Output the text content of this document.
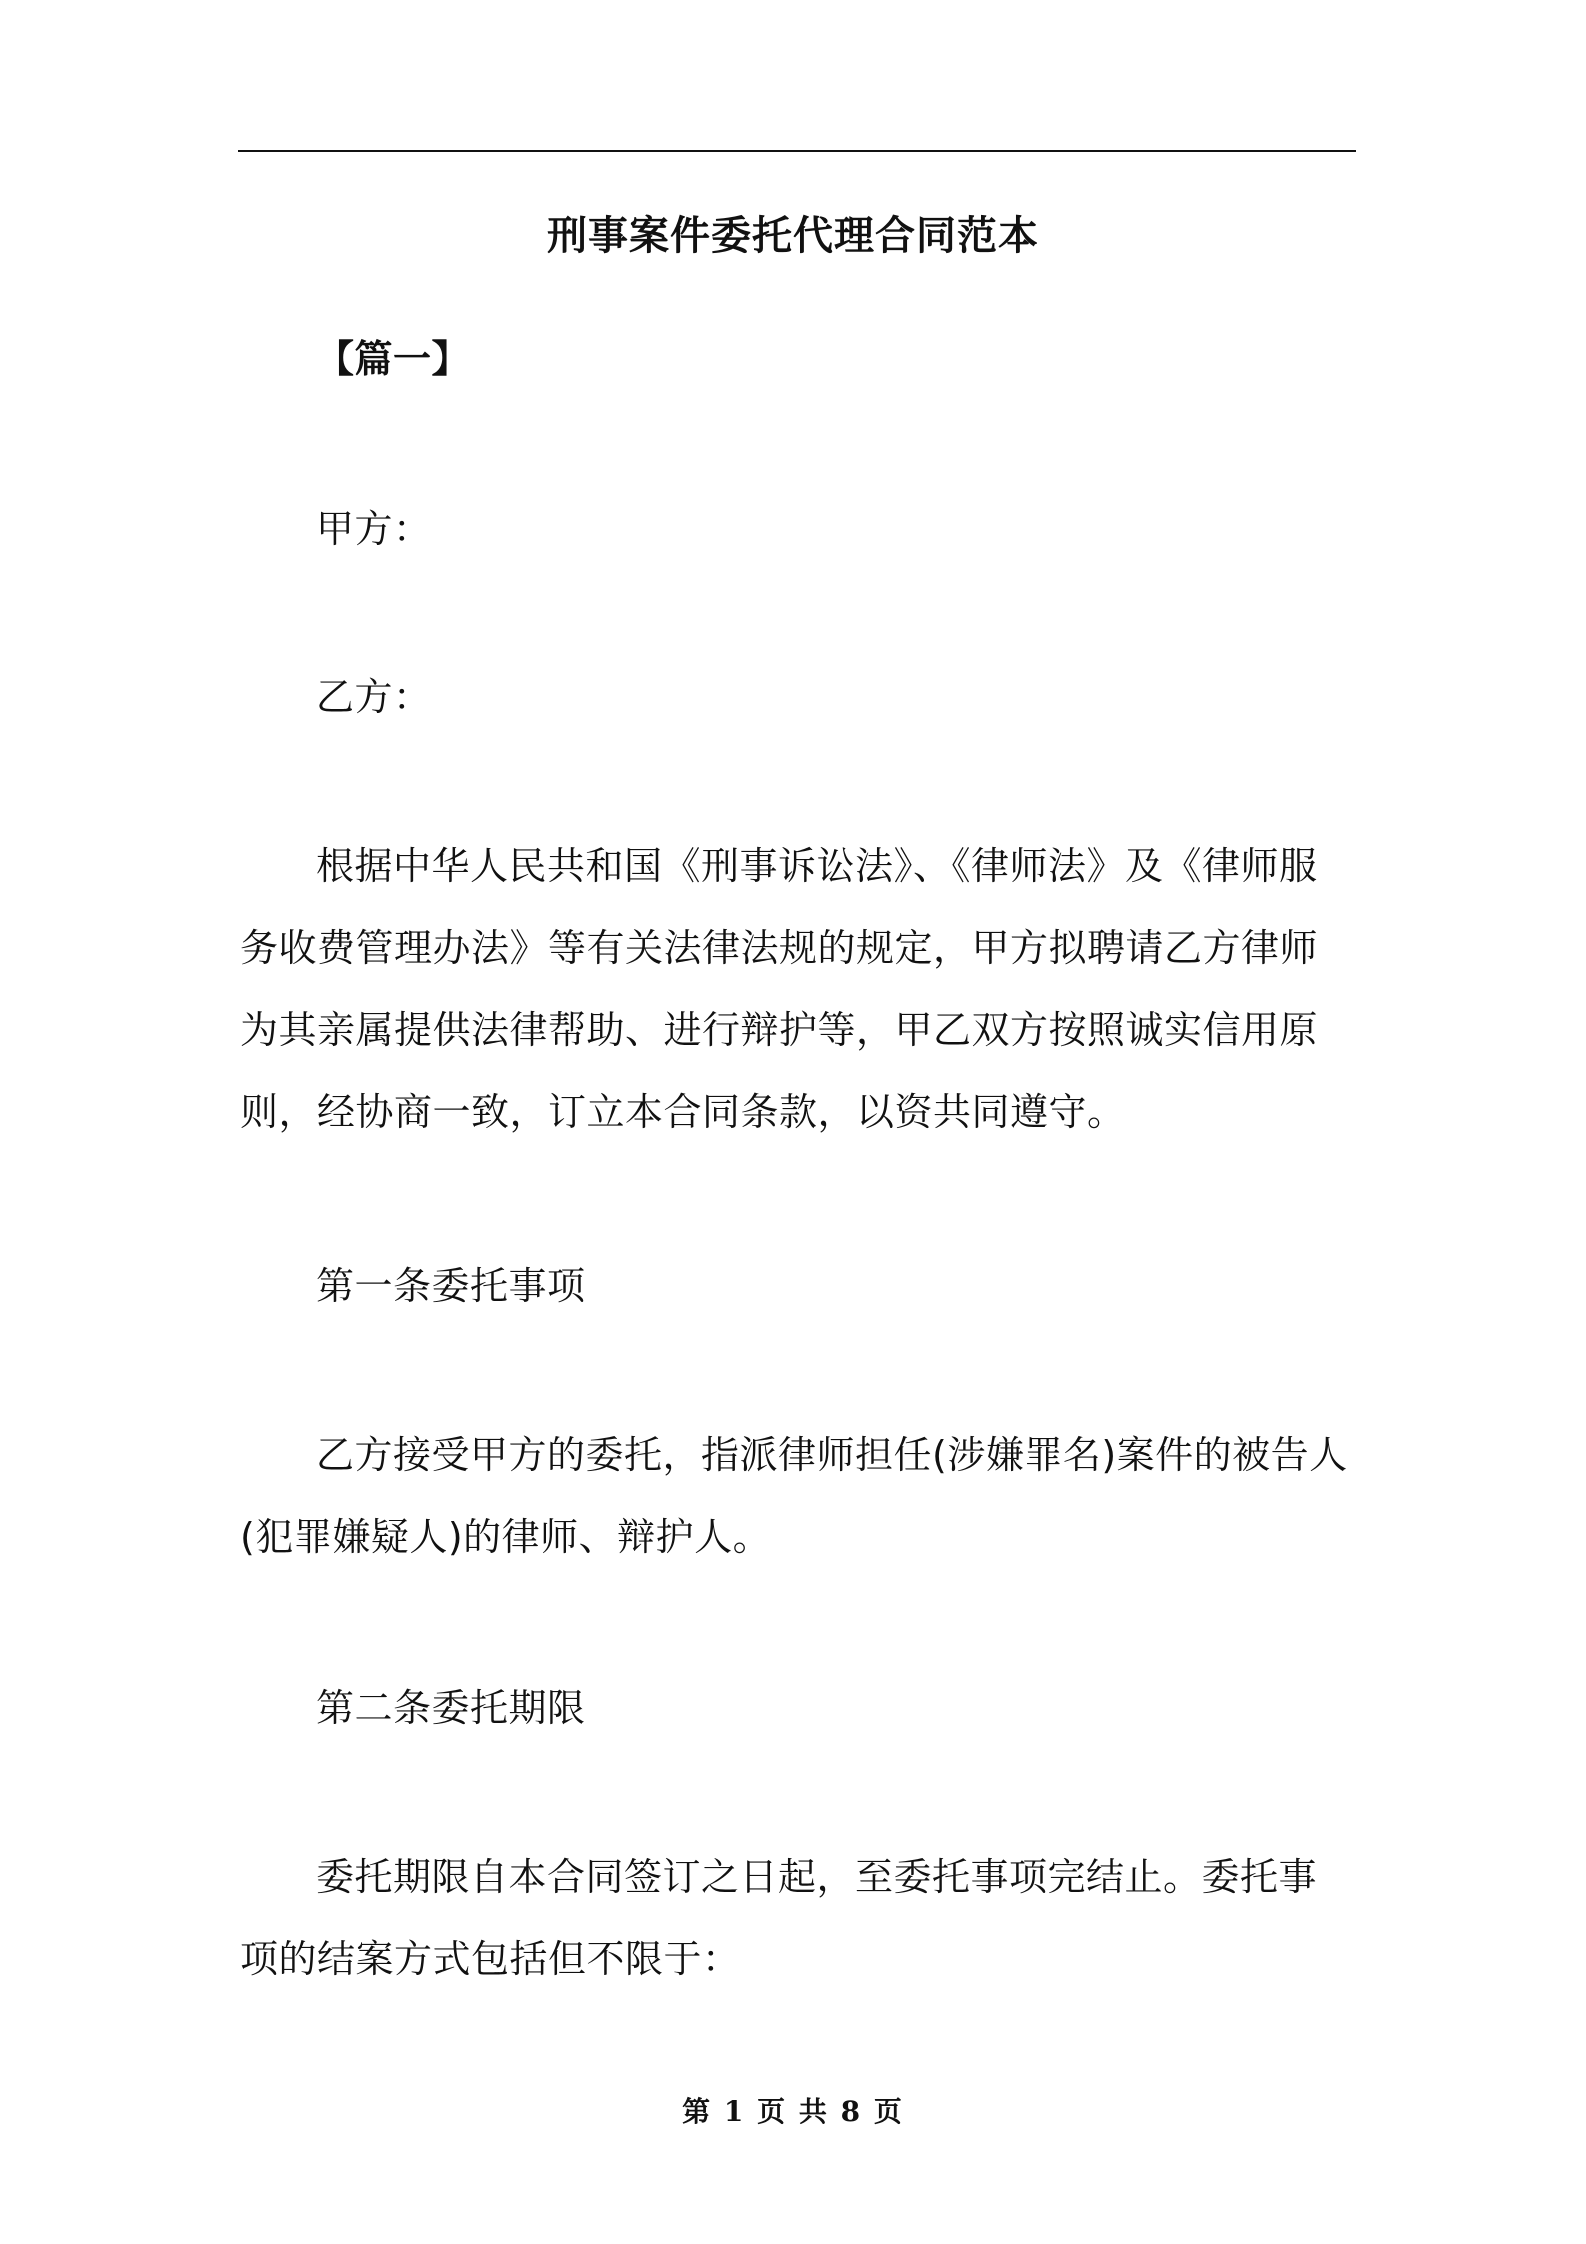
刑事案件委托代理合同范本
【篇一】
甲方：
乙方：
根据中华人民共和国《刑事诉讼法》、《律师法》及《律师服务收费管理办法》等有关法律法规的规定，甲方拟聘请乙方律师为其亲属提供法律帮助、进行辩护等，甲乙双方按照诚实信用原则，经协商一致，订立本合同条款，以资共同遵守。
第一条委托事项
乙方接受甲方的委托，指派律师担任(涉嫌罪名)案件的被告人(犯罪嫌疑人)的律师、辩护人。
第二条委托期限
委托期限自本合同签订之日起，至委托事项完结止。委托事项的结案方式包括但不限于：
第 1 页 共 8 页
